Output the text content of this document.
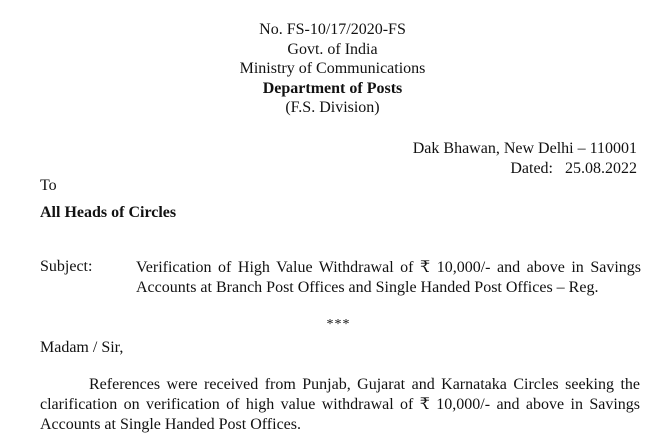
No. FS-10/17/2020-FS
Govt. of India
Ministry of Communications
Department of Posts
(F.S. Division)
Dak Bhawan, New Delhi – 110001
Dated: 25.08.2022
To
All Heads of Circles
Subject:	Verification of High Value Withdrawal of ₹ 10,000/- and above in Savings Accounts at Branch Post Offices and Single Handed Post Offices – Reg.
***
Madam / Sir,
References were received from Punjab, Gujarat and Karnataka Circles seeking the clarification on verification of high value withdrawal of ₹ 10,000/- and above in Savings Accounts at Single Handed Post Offices.
